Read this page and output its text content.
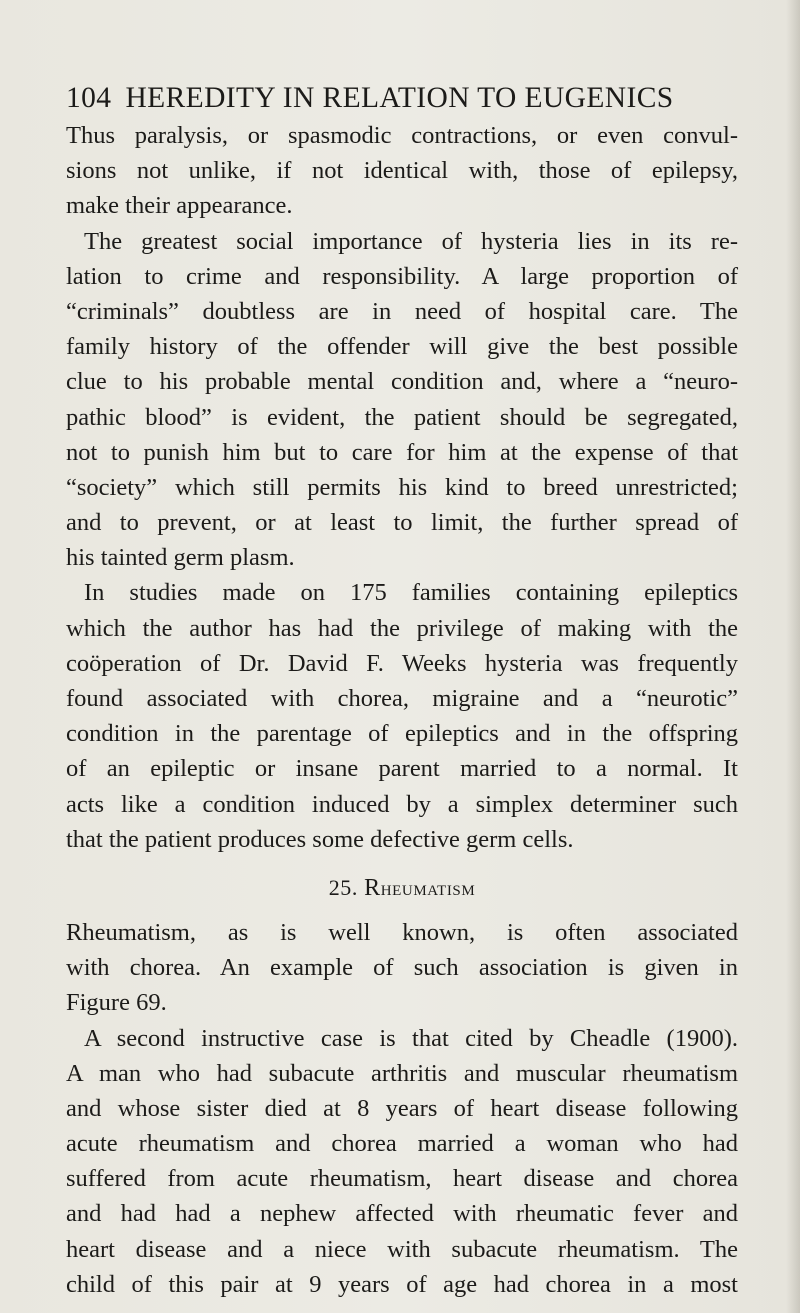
104 HEREDITY IN RELATION TO EUGENICS
Thus paralysis, or spasmodic contractions, or even convul-
sions not unlike, if not identical with, those of epilepsy,
make their appearance.
The greatest social importance of hysteria lies in its re-
lation to crime and responsibility. A large proportion of
“criminals” doubtless are in need of hospital care. The
family history of the offender will give the best possible
clue to his probable mental condition and, where a “neuro-
pathic blood” is evident, the patient should be segregated,
not to punish him but to care for him at the expense of that
“society” which still permits his kind to breed unrestricted;
and to prevent, or at least to limit, the further spread of
his tainted germ plasm.
In studies made on 175 families containing epileptics
which the author has had the privilege of making with the
coöperation of Dr. David F. Weeks hysteria was frequently
found associated with chorea, migraine and a “neurotic”
condition in the parentage of epileptics and in the offspring
of an epileptic or insane parent married to a normal. It
acts like a condition induced by a simplex determiner such
that the patient produces some defective germ cells.
25. Rheumatism
Rheumatism, as is well known, is often associated
with chorea. An example of such association is given in
Figure 69.
A second instructive case is that cited by Cheadle (1900).
A man who had subacute arthritis and muscular rheumatism
and whose sister died at 8 years of heart disease following
acute rheumatism and chorea married a woman who had
suffered from acute rheumatism, heart disease and chorea
and had had a nephew affected with rheumatic fever and
heart disease and a niece with subacute rheumatism. The
child of this pair at 9 years of age had chorea in a most
